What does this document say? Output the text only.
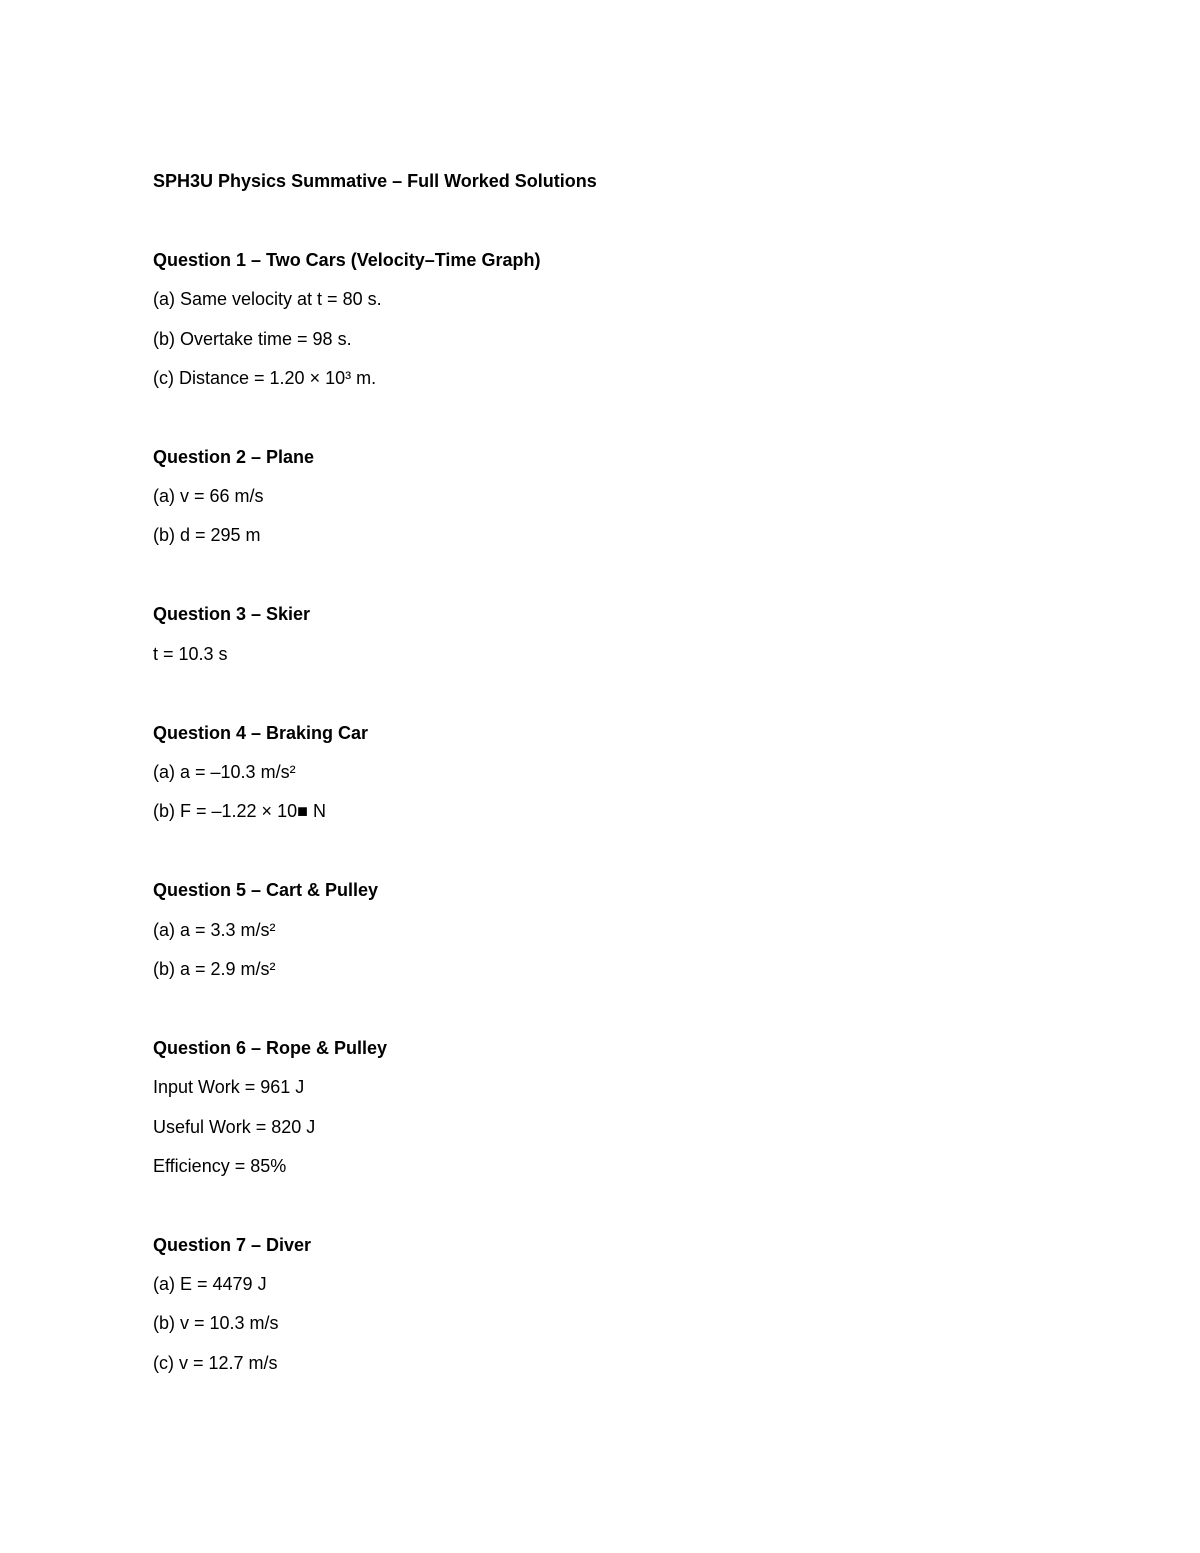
SPH3U Physics Summative – Full Worked Solutions
Question 1 – Two Cars (Velocity–Time Graph)
(a) Same velocity at t = 80 s.
(b) Overtake time = 98 s.
(c) Distance = 1.20 × 10³ m.
Question 2 – Plane
(a) v = 66 m/s
(b) d = 295 m
Question 3 – Skier
t = 10.3 s
Question 4 – Braking Car
(a) a = –10.3 m/s²
(b) F = –1.22 × 10■ N
Question 5 – Cart & Pulley
(a) a = 3.3 m/s²
(b) a = 2.9 m/s²
Question 6 – Rope & Pulley
Input Work = 961 J
Useful Work = 820 J
Efficiency = 85%
Question 7 – Diver
(a) E = 4479 J
(b) v = 10.3 m/s
(c) v = 12.7 m/s
